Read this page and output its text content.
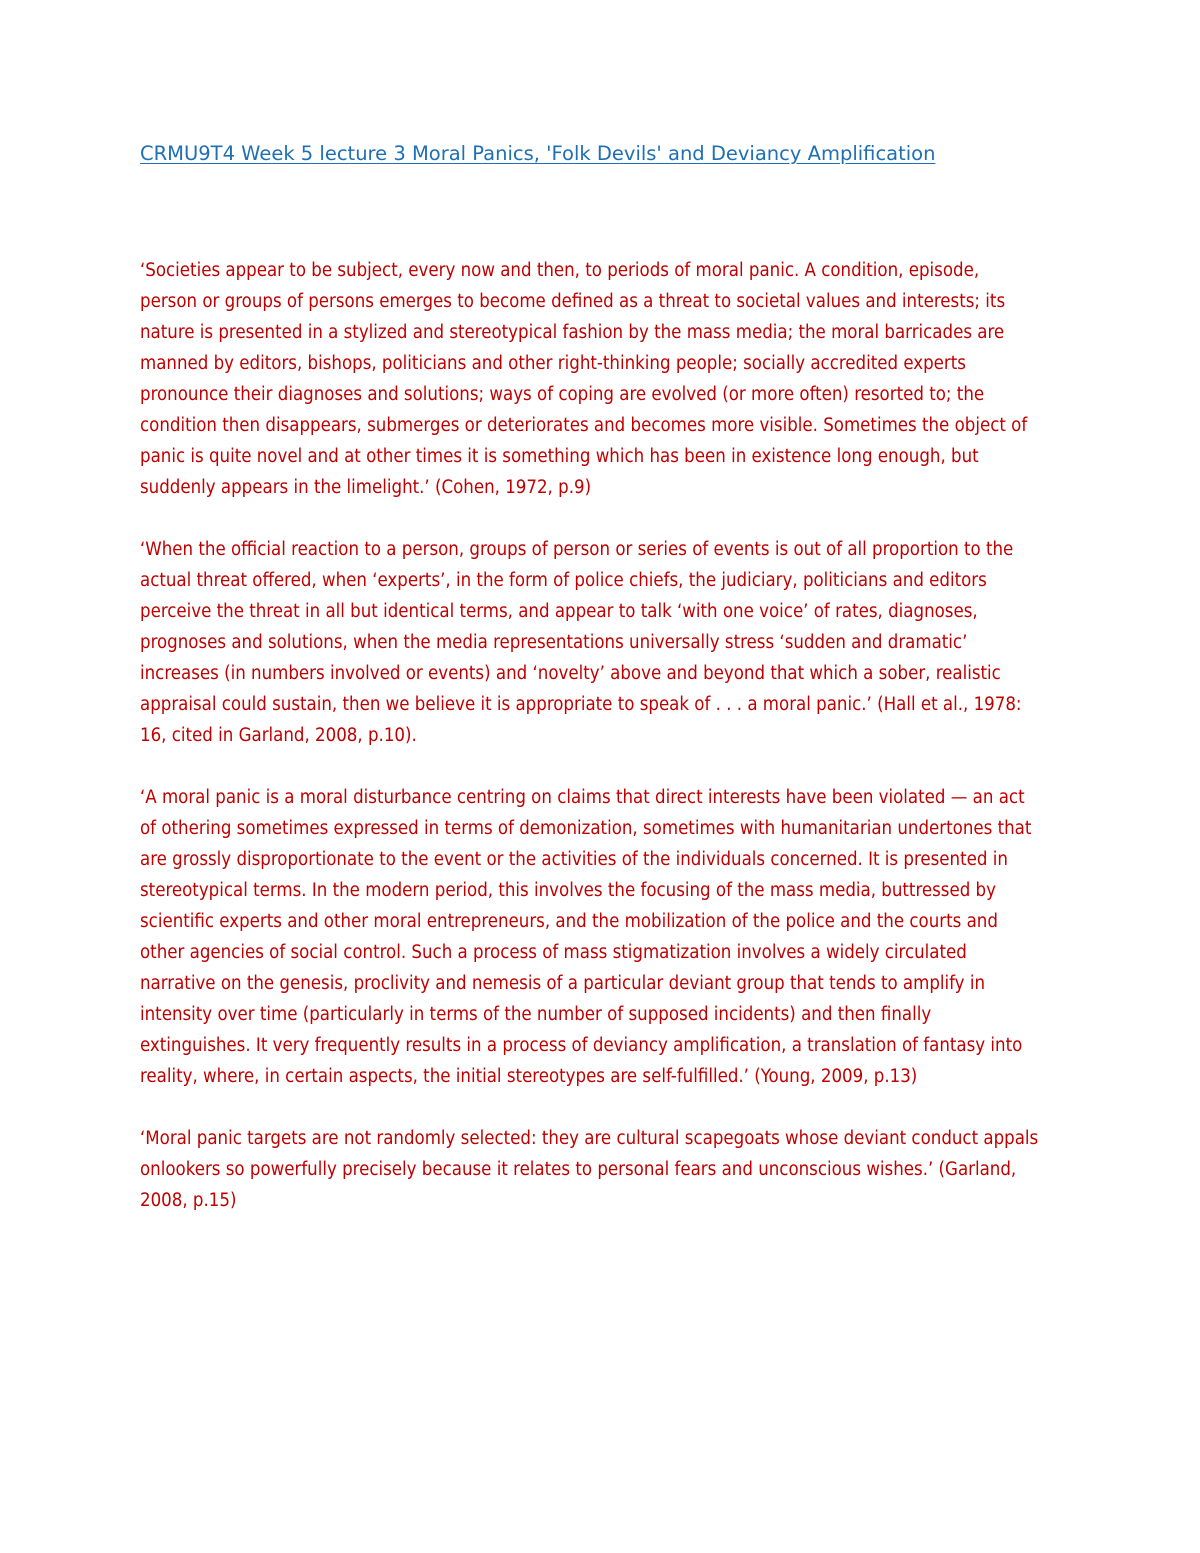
CRMU9T4 Week 5 lecture 3 Moral Panics, 'Folk Devils' and Deviancy Amplification

‘Societies appear to be subject, every now and then, to periods of moral panic. A condition, episode, person or groups of persons emerges to become defined as a threat to societal values and interests; its nature is presented in a stylized and stereotypical fashion by the mass media; the moral barricades are manned by editors, bishops, politicians and other right-thinking people; socially accredited experts pronounce their diagnoses and solutions; ways of coping are evolved (or more often) resorted to; the condition then disappears, submerges or deteriorates and becomes more visible. Sometimes the object of panic is quite novel and at other times it is something which has been in existence long enough, but suddenly appears in the limelight.’ (Cohen, 1972, p.9)

‘When the official reaction to a person, groups of person or series of events is out of all proportion to the actual threat offered, when ‘experts’, in the form of police chiefs, the judiciary, politicians and editors perceive the threat in all but identical terms, and appear to talk ‘with one voice’ of rates, diagnoses, prognoses and solutions, when the media representations universally stress ‘sudden and dramatic’ increases (in numbers involved or events) and ‘novelty’ above and beyond that which a sober, realistic appraisal could sustain, then we believe it is appropriate to speak of . . . a moral panic.’ (Hall et al., 1978: 16, cited in Garland, 2008, p.10).

‘A moral panic is a moral disturbance centring on claims that direct interests have been violated — an act of othering sometimes expressed in terms of demonization, sometimes with humanitarian undertones that are grossly disproportionate to the event or the activities of the individuals concerned. It is presented in stereotypical terms. In the modern period, this involves the focusing of the mass media, buttressed by scientific experts and other moral entrepreneurs, and the mobilization of the police and the courts and other agencies of social control. Such a process of mass stigmatization involves a widely circulated narrative on the genesis, proclivity and nemesis of a particular deviant group that tends to amplify in intensity over time (particularly in terms of the number of supposed incidents) and then finally extinguishes. It very frequently results in a process of deviancy amplification, a translation of fantasy into reality, where, in certain aspects, the initial stereotypes are self-fulfilled.’ (Young, 2009, p.13)

‘Moral panic targets are not randomly selected: they are cultural scapegoats whose deviant conduct appals onlookers so powerfully precisely because it relates to personal fears and unconscious wishes.’ (Garland, 2008, p.15)
